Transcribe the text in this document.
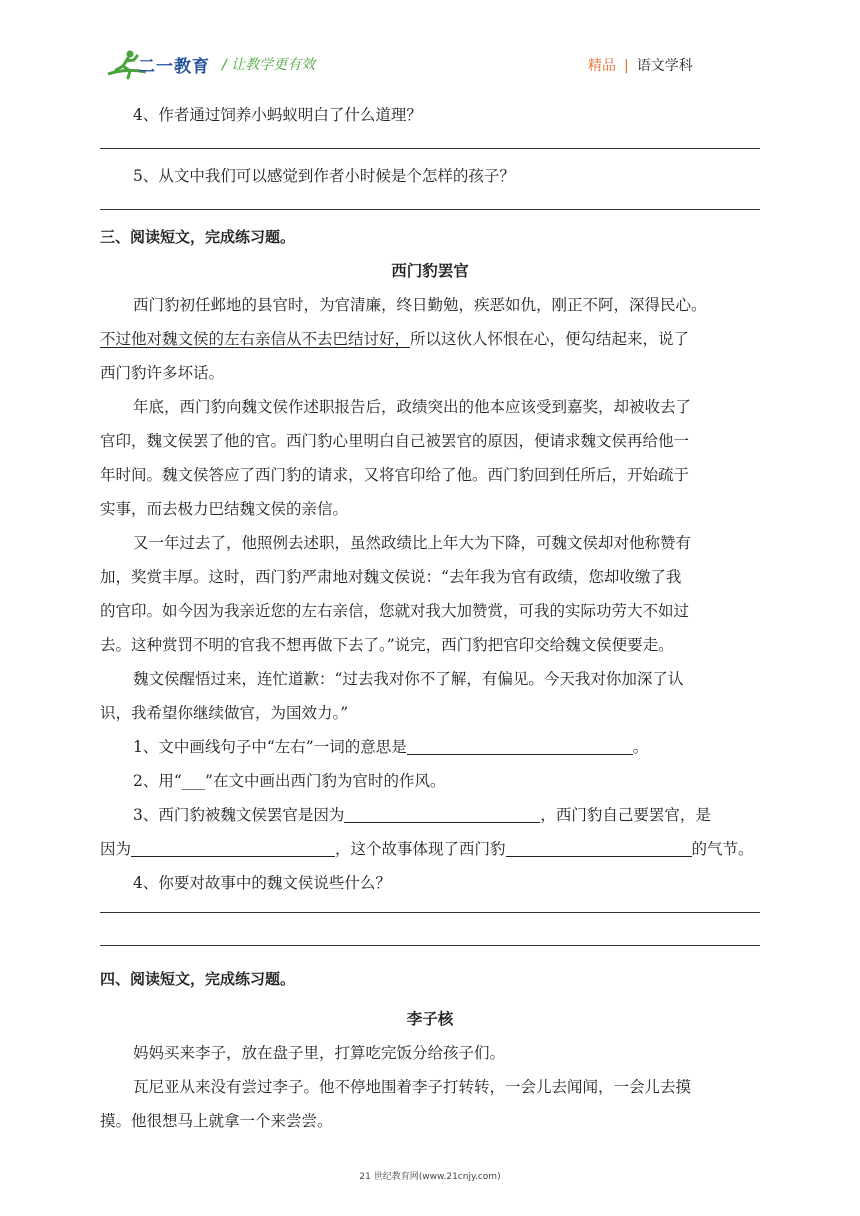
二一教育 / 让教学更有效	精品 | 语文学科
4、作者通过饲养小蚂蚁明白了什么道理？
5、从文中我们可以感觉到作者小时候是个怎样的孩子？
三、阅读短文，完成练习题。
西门豹罢官
西门豹初任邺地的县官时，为官清廉，终日勤勉，疾恶如仇，刚正不阿，深得民心。
不过他对魏文侯的左右亲信从不去巴结讨好，所以这伙人怀恨在心，便勾结起来，说了
西门豹许多坏话。
年底，西门豹向魏文侯作述职报告后，政绩突出的他本应该受到嘉奖，却被收去了
官印，魏文侯罢了他的官。西门豹心里明白自己被罢官的原因，便请求魏文侯再给他一
年时间。魏文侯答应了西门豹的请求，又将官印给了他。西门豹回到任所后，开始疏于
实事，而去极力巴结魏文侯的亲信。
又一年过去了，他照例去述职，虽然政绩比上年大为下降，可魏文侯却对他称赞有
加，奖赏丰厚。这时，西门豹严肃地对魏文侯说：“去年我为官有政绩，您却收缴了我
的官印。如今因为我亲近您的左右亲信，您就对我大加赞赏，可我的实际功劳大不如过
去。这种赏罚不明的官我不想再做下去了。”说完，西门豹把官印交给魏文侯便要走。
魏文侯醒悟过来，连忙道歉：“过去我对你不了解，有偏见。今天我对你加深了认
识，我希望你继续做官，为国效力。”
1、文中画线句子中“左右”一词的意思是	。
2、用“___”在文中画出西门豹为官时的作风。
3、西门豹被魏文侯罢官是因为	，西门豹自己要罢官，是
因为	，这个故事体现了西门豹	的气节。
4、你要对故事中的魏文侯说些什么？
四、阅读短文，完成练习题。
李子核
妈妈买来李子，放在盘子里，打算吃完饭分给孩子们。
瓦尼亚从来没有尝过李子。他不停地围着李子打转转，一会儿去闻闻，一会儿去摸
摸。他很想马上就拿一个来尝尝。
21 世纪教育网(www.21cnjy.com)
